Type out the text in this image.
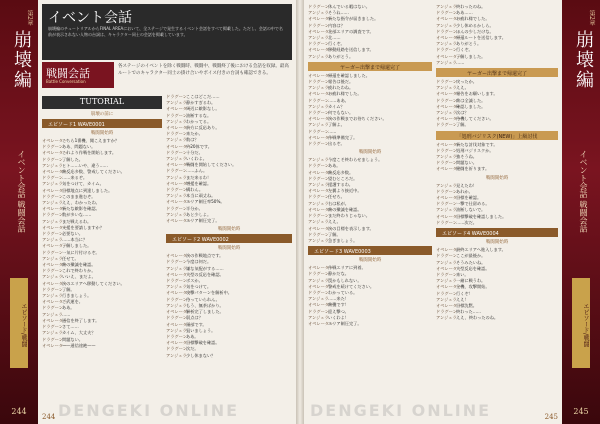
第2章
崩壊編
イベント会話 戦闘会話
エピソード/戦闘
244
イベント会話
崩壊編のチュートリアルからFINAL AREAにおいて、全ステージで発生するイベント会話をすべて掲載した。ただし、会話の中で名前が表示されない人物の台詞は、キャラクター同士の会話を掲載しています。
戦闘会話
Battle Conversation
各ステージのイベントを除く戦闘時、戦闘中、戦闘終了後における会話を収録。最高ルートでのキャラクター同士の掛け合いやボイス付きの台詞も確認できる。
TUTORIAL
崩壊の前に
エピソード1 WAVE0001
戦闘開始時
オペレーター
こちら1番機、聞こえますか？
ドラグーン ああ、問題ない。
オペレーター
これより作戦を開始します。
ドラグーン 了解した。
アンジェラ ヒト……いや、違う……
オペレーター
敵反応多数、警戒してください。
ドラグーン ……来るぞ。
アンジェラ 気をつけて、カイム。
オペレーター
目標地点に到達しました。
ドラグーン このまま進むぞ。
アンジェラ ええ、わかったわ。
オペレーター
新たな敵影を確認。
ドラグーン 数が多いな……
アンジェラ まだ戦えるわ。
オペレーター
支援を要請しますか？
ドラグーン 必要ない。
アンジェラ ……本当に？
オペレーター
了解しました。
ドラグーン 一気に片付けるぞ。
アンジェラ 任せて。
オペレーター
敵の殲滅を確認。
ドラグーン これで終わりか。
アンジェラ いいえ、まだよ。
オペレーター
次のエリアへ移動してください。
ドラグーン 了解。
アンジェラ 行きましょう。
オペレーター
ご武運を。
ドラグーン ああ。
アンジェラ ……
オペレーター
通信を終了します。
ドラグーン さて……
アンジェラ カイム、大丈夫？
ドラグーン 問題ない。
オペレーター
——通信途絶——
ドラグーン ここはどこだ……
アンジェラ 静かすぎるわ。
オペレーター
周辺に敵影なし。
ドラグーン 油断するな。
アンジェラ わかってる。
オペレーター
前方に反応あり。
ドラグーン 来たか。
アンジェラ 数は？
オペレーター
約20体です。
ドラグーン 十分だ。
アンジェラ いくわよ。
オペレーター
戦闘を開始してください。
ドラグーン ……ふん。
アンジェラ まだ来るわ！
オペレーター
増援を確認。
ドラグーン 構わん。
アンジェラ 本当に頑丈ね。
オペレーター
エリア制圧率50%。
ドラグーン 半分か。
アンジェラ あと少しよ。
オペレーター
エリア制圧完了。
戦闘開始時
エピソード2 WAVE0002
戦闘開始時
オペレーター
次の作戦地点です。
ドラグーン 今度は何だ。
アンジェラ 嫌な気配がする……
オペレーター
大型の反応を確認。
ドラグーン ボスか。
アンジェラ 気をつけて。
オペレーター
攻撃パターンを解析中。
ドラグーン 待っていられん。
アンジェラ もう、無茶ばかり。
オペレーター
解析完了しました。
ドラグーン 弱点は？
オペレーター
頭部です。
アンジェラ 狙いましょう。
ドラグーン ああ。
オペレーター
目標撃破を確認。
ドラグーン 次だ。
アンジェラ 少し休まない？
244 DENGEKI ONLINE
ドラグーン 休んでいる暇はない。
アンジェラ そうね……
オペレーター
新たな指令が届きました。
ドラグーン 内容は？
オペレーター
北部エリアの調査です。
アンジェラ 北……
ドラグーン 行くぞ。
オペレーター
移動経路を送信します。
アンジェラ ありがとう。
ヤーガー出撃まで帰還完了
オペレーター
帰還を確認しました。
ドラグーン 報告は後だ。
アンジェラ 疲れたわね。
オペレーター
お疲れ様でした。
ドラグーン ……ああ。
アンジェラ カイム？
ドラグーン 何でもない。
オペレーター
次の作戦までお待ちください。
アンジェラ 了解よ。
ドラグーン ……
オペレーター
作戦準備完了。
ドラグーン 出るぞ。
戦闘開始時
アンジェラ 今度こそ終わらせましょう。
ドラグーン ああ。
オペレーター
敵反応多数。
ドラグーン 望むところだ。
アンジェラ 援護するわ。
オペレーター
左翼より接近中。
ドラグーン 任せろ。
アンジェラ 右は私が。
オペレーター
敵の殲滅を確認。
ドラグーン まだ終わりじゃない。
アンジェラ ええ。
オペレーター
次の目標を表示します。
ドラグーン 了解。
アンジェラ 急ぎましょう。
エピソード3 WAVE0003
戦闘開始時
オペレーター
作戦エリアに到着。
ドラグーン 静かだな。
アンジェラ 罠かもしれない。
オペレーター
警戒を続けてください。
ドラグーン わかっている。
アンジェラ ……来た！
オペレーター
敵襲です！
ドラグーン 迎え撃つ。
アンジェラ いくわよ！
オペレーター
エリア制圧完了。
アンジェラ 終わったのね。
ドラグーン ああ……
オペレーター
お疲れ様でした。
アンジェラ 少し休めるかしら。
ドラグーン ほんの少しだけな。
オペレーター
帰還ルートを送信します。
アンジェラ ありがとう。
ドラグーン 行くぞ。
オペレーター
了解しました。
アンジェラ ……
ヤーガー出撃まで帰還完了
ドラグーン 戻ったか。
アンジェラ ええ。
オペレーター
報告をお願いします。
ドラグーン 敵は全滅した。
オペレーター
確認しました。
アンジェラ 次は？
オペレーター
待機してください。
ドラグーン 了解。
「処刑バジリスク(NEW)」上級討伐
オペレーター
新たな討伐対象です。
ドラグーン 処刑バジリスクか。
アンジェラ 強そうね。
ドラグーン 問題ない。
オペレーター
健闘を祈ります。
戦闘開始時
アンジェラ 見えたわ！
ドラグーン あれか。
オペレーター
目標を確認。
ドラグーン 一撃で仕留める。
アンジェラ 油断しないで。
オペレーター
目標撃破を確認しました。
ドラグーン ……次だ。
エピソード4 WAVE0004
戦闘開始時
オペレーター
最終エリアへ進入します。
ドラグーン ここが最後か。
アンジェラ そうみたいね。
オペレーター
大型反応を確認。
ドラグーン 来い。
アンジェラ 一緒に戦うわ。
オペレーター
全機、攻撃開始。
ドラグーン 行くぞ！
アンジェラ ええ！
オペレーター
目標沈黙。
ドラグーン 終わった……
アンジェラ ええ、終わったのね。
245
DENGEKI ONLINE
第2章
崩壊編
イベント会話 戦闘会話
エピソード/戦闘
245
